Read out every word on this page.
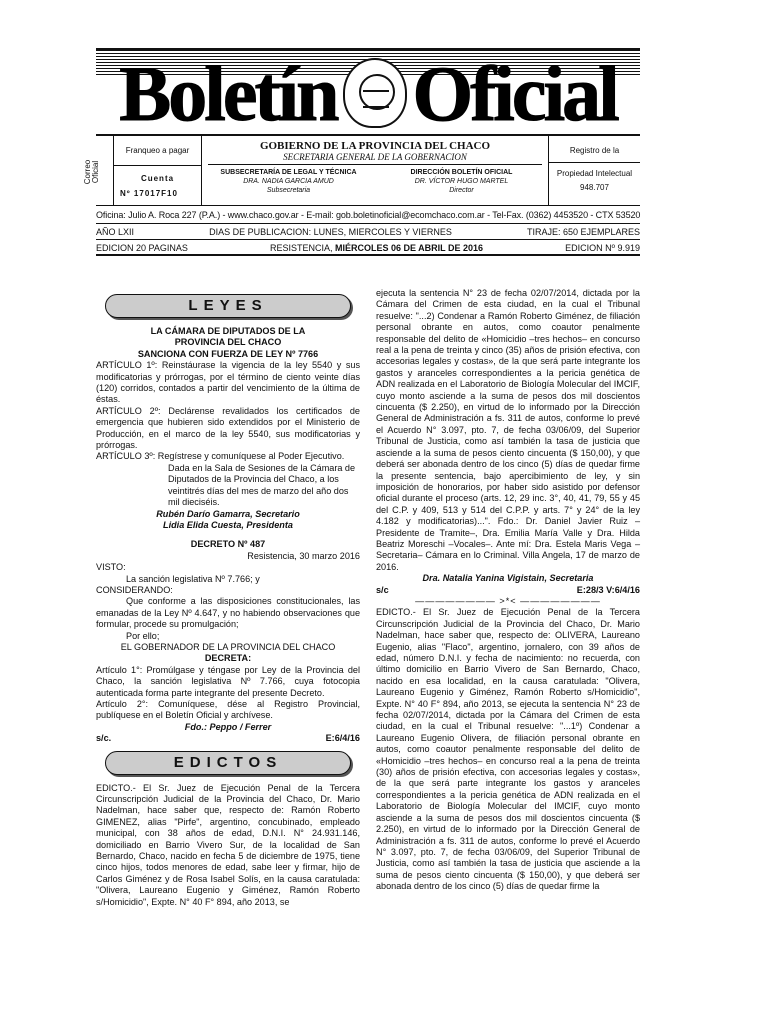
Boletín Oficial
Correo
Oficial
Franqueo a pagar
Cuenta
Nº 17017F10
GOBIERNO DE LA PROVINCIA DEL CHACO
SECRETARIA GENERAL DE LA GOBERNACION
SUBSECRETARÍA DE LEGAL Y TÉCNICA
DRA. NADIA GARCIA AMUD
Subsecretaria
DIRECCIÓN BOLETÍN OFICIAL
DR. VÍCTOR HUGO MARTEL
Director
Registro de la
Propiedad Intelectual
948.707
Oficina: Julio A. Roca 227 (P.A.) - www.chaco.gov.ar - E-mail: gob.boletinoficial@ecomchaco.com.ar - Tel-Fax. (0362) 4453520 - CTX 53520
AÑO LXII	DIAS DE PUBLICACION: LUNES, MIERCOLES Y VIERNES	TIRAJE: 650 EJEMPLARES
EDICION 20 PAGINAS	RESISTENCIA, MIÉRCOLES 06 DE ABRIL DE 2016	EDICION Nº 9.919
LEYES

LA CÁMARA DE DIPUTADOS DE LA

PROVINCIA DEL CHACO

SANCIONA CON FUERZA DE LEY Nº 7766

ARTÍCULO 1º: Reinstáurase la vigencia de la ley 5540 y sus modificatorias y prórrogas, por el término de ciento veinte días (120) corridos, contados a partir del vencimiento de la última de éstas.

ARTÍCULO 2º: Declárense revalidados los certificados de emergencia que hubieren sido extendidos por el Ministerio de Producción, en el marco de la ley 5540, sus modificatorias y prórrogas.

ARTÍCULO 3º: Regístrese y comuníquese al Poder Ejecutivo.

Dada en la Sala de Sesiones de la Cámara de Diputados de la Provincia del Chaco, a los veintitrés días del mes de marzo del año dos mil dieciséis.

Rubén Darío Gamarra, Secretario

Lidia Elida Cuesta, Presidenta

DECRETO Nº 487

Resistencia, 30 marzo 2016

VISTO:

La sanción legislativa Nº 7.766; y

CONSIDERANDO:

Que conforme a las disposiciones constitucionales, las emanadas de la Ley Nº 4.647, y no habiendo observaciones que formular, procede su promulgación;

Por ello;

EL GOBERNADOR DE LA PROVINCIA DEL CHACO

DECRETA:

Artículo 1°: Promúlgase y téngase por Ley de la Provincia del Chaco, la sanción legislativa Nº 7.766, cuya fotocopia autenticada forma parte integrante del presente Decreto.

Artículo 2°: Comuníquese, dése al Registro Provincial, publíquese en el Boletín Oficial y archívese.

Fdo.: Peppo / Ferrer

s/c.	E:6/4/16
EDICTOS

EDICTO.- El Sr. Juez de Ejecución Penal de la Tercera Circunscripción Judicial de la Provincia del Chaco, Dr. Mario Nadelman, hace saber que, respecto de: Ramón Roberto GIMENEZ, alias "Pirfe", argentino, concubinado, empleado municipal, con 38 años de edad, D.N.I. N° 24.931.146, domiciliado en Barrio Vivero Sur, de la localidad de San Bernardo, Chaco, nacido en fecha 5 de diciembre de 1975, tiene cinco hijos, todos menores de edad, sabe leer y firmar, hijo de Carlos Giménez y de Rosa Isabel Solís, en la causa caratulada: "Olivera, Laureano Eugenio y Giménez, Ramón Roberto s/Homicidio", Expte. N° 40 F° 894, año 2013, se

ejecuta la sentencia N° 23 de fecha 02/07/2014, dictada por la Cámara del Crimen de esta ciudad, en la cual el Tribunal resuelve: "...2) Condenar a Ramón Roberto Giménez, de filiación personal obrante en autos, como coautor penalmente responsable del delito de «Homicidio –tres hechos– en concurso real a la pena de treinta y cinco (35) años de prisión efectiva, con accesorias legales y costas», de la que será parte integrante los gastos y aranceles correspondientes a la pericia genética de ADN realizada en el Laboratorio de Biología Molecular del IMCIF, cuyo monto asciende a la suma de pesos dos mil doscientos cincuenta ($ 2.250), en virtud de lo informado por la Dirección General de Administración a fs. 311 de autos, conforme lo prevé el Acuerdo N° 3.097, pto. 7, de fecha 03/06/09, del Superior Tribunal de Justicia, como así también la tasa de justicia que asciende a la suma de pesos ciento cincuenta ($ 150,00), y que deberá ser abonada dentro de los cinco (5) días de quedar firme la presente sentencia, bajo apercibimiento de ley, y sin imposición de honorarios, por haber sido asistido por defensor oficial durante el proceso (arts. 12, 29 inc. 3°, 40, 41, 79, 55 y 45 del C.P. y 409, 513 y 514 del C.P.P. y arts. 7° y 24° de la ley 4.182 y modificatorias)...". Fdo.: Dr. Daniel Javier Ruiz –Presidente de Tramite–, Dra. Emilia María Valle y Dra. Hilda Beatriz Moreschi –Vocales–. Ante mí: Dra. Estela Maris Vega –Secretaria– Cámara en lo Criminal. Villa Angela, 17 de marzo de 2016.

Dra. Natalia Yanina Vigistain, Secretaria

s/c	E:28/3 V:6/4/16

———————— >*< ————————

EDICTO.- El Sr. Juez de Ejecución Penal de la Tercera Circunscripción Judicial de la Provincia del Chaco, Dr. Mario Nadelman, hace saber que, respecto de: OLIVERA, Laureano Eugenio, alias "Flaco", argentino, jornalero, con 39 años de edad, número D.N.I. y fecha de nacimiento: no recuerda, con último domicilio en Barrio Vivero de San Bernardo, Chaco, nacido en esa localidad, en la causa caratulada: "Olivera, Laureano Eugenio y Giménez, Ramón Roberto s/Homicidio", Expte. N° 40 F° 894, año 2013, se ejecuta la sentencia N° 23 de fecha 02/07/2014, dictada por la Cámara del Crimen de esta ciudad, en la cual el Tribunal resuelve: "...1º) Condenar a Laureano Eugenio Olivera, de filiación personal obrante en autos, como coautor penalmente responsable del delito de «Homicidio –tres hechos– en concurso real a la pena de treinta (30) años de prisión efectiva, con accesorias legales y costas», de la que será parte integrante los gastos y aranceles correspondientes a la pericia genética de ADN realizada en el Laboratorio de Biología Molecular del IMCIF, cuyo monto asciende a la suma de pesos dos mil doscientos cincuenta ($ 2.250), en virtud de lo informado por la Dirección General de Administración a fs. 311 de autos, conforme lo prevé el Acuerdo N° 3.097, pto. 7, de fecha 03/06/09, del Superior Tribunal de Justicia, como así también la tasa de justicia que asciende a la suma de pesos ciento cincuenta ($ 150,00), y que deberá ser abonada dentro de los cinco (5) días de quedar firme la
